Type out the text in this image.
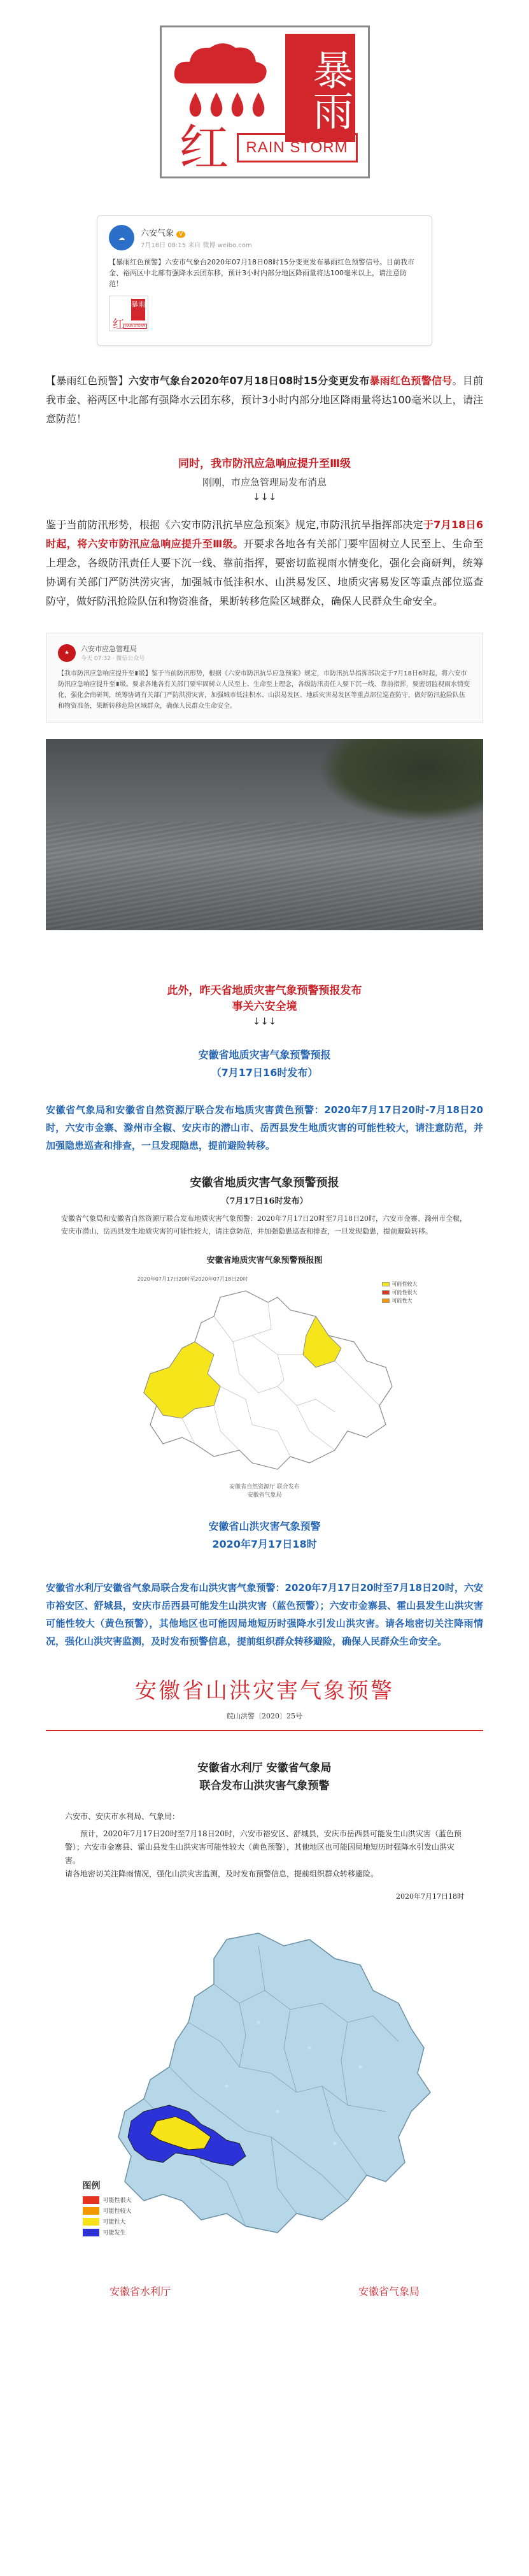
暴雨
红	RAIN STORM
☁	六安气象 V
7月18日 08:15 来自 微博 weibo.com
【暴雨红色预警】六安市气象台2020年07月18日08时15分变更发布暴雨红色预警信号。目前我市金、裕两区中北部有强降水云团东移，预计3小时内部分地区降雨量将达100毫米以上，请注意防范！
暴雨
红 RAIN STORM
【暴雨红色预警】六安市气象台2020年07月18日08时15分变更发布暴雨红色预警信号。目前我市金、裕两区中北部有强降水云团东移，预计3小时内部分地区降雨量将达100毫米以上，请注意防范！
同时，我市防汛应急响应提升至Ⅲ级
刚刚，市应急管理局发布消息
↓↓↓
鉴于当前防汛形势，根据《六安市防汛抗旱应急预案》规定,市防汛抗旱指挥部决定于7月18日6时起，将六安市防汛应急响应提升至Ⅲ级。开要求各地各有关部门要牢固树立人民至上、生命至上理念，各级防汛责任人要下沉一线、靠前指挥，要密切监视雨水情变化，强化会商研判，统筹协调有关部门严防洪涝灾害，加强城市低洼积水、山洪易发区、地质灾害易发区等重点部位巡查防守，做好防汛抢险队伍和物资准备，果断转移危险区域群众，确保人民群众生命安全。
★	六安市应急管理局
今天 07:32 · 微信公众号
【我市防汛应急响应提升至Ⅲ级】鉴于当前防汛形势，根据《六安市防汛抗旱应急预案》规定，市防汛抗旱指挥部决定于7月18日6时起，将六安市防汛应急响应提升至Ⅲ级。要求各地各有关部门要牢固树立人民至上、生命至上理念，各级防汛责任人要下沉一线、靠前指挥，要密切监视雨水情变化，强化会商研判，统筹协调有关部门严防洪涝灾害，加强城市低洼积水、山洪易发区、地质灾害易发区等重点部位巡查防守，做好防汛抢险队伍和物资准备，果断转移危险区域群众，确保人民群众生命安全。
此外，昨天省地质灾害气象预警预报发布
事关六安全境
↓↓↓
安徽省地质灾害气象预警预报
（7月17日16时发布）
安徽省气象局和安徽省自然资源厅联合发布地质灾害黄色预警：2020年7月17日20时-7月18日20时，六安市金寨、滁州市全椒、安庆市的潜山市、岳西县发生地质灾害的可能性较大，请注意防范，并加强隐患巡查和排查，一旦发现隐患，提前避险转移。
安徽省地质灾害气象预警预报
（7月17日16时发布）
安徽省气象局和安徽省自然资源厅联合发布地质灾害气象预警：2020年7月17日20时至7月18日20时，六安市金寨、滁州市全椒，安庆市潜山、岳西县发生地质灾害的可能性较大，请注意防范，并加强隐患巡查和排查，一旦发现隐患，提前避险转移。
安徽省地质灾害气象预警预报图
2020年07月17日20时至2020年07月18日20时
可能性较大
可能性很大
可能性大
安徽省自然资源厅 联合发布
安徽省气象局
安徽省山洪灾害气象预警
2020年7月17日18时
安徽省水利厅安徽省气象局联合发布山洪灾害气象预警：2020年7月17日20时至7月18日20时，六安市裕安区、舒城县，安庆市岳西县可能发生山洪灾害（蓝色预警）；六安市金寨县、霍山县发生山洪灾害可能性较大（黄色预警），其他地区也可能因局地短历时强降水引发山洪灾害。请各地密切关注降雨情况，强化山洪灾害监测，及时发布预警信息，提前组织群众转移避险，确保人民群众生命安全。
安徽省山洪灾害气象预警
皖山洪警〔2020〕25号
安徽省水利厅 安徽省气象局
联合发布山洪灾害气象预警
六安市、安庆市水利局、气象局：
预计，2020年7月17日20时至7月18日20时，六安市裕安区、舒城县，安庆市岳西县可能发生山洪灾害（蓝色预警）；六安市金寨县、霍山县发生山洪灾害可能性较大（黄色预警），其他地区也可能因局地短历时强降水引发山洪灾害。
请各地密切关注降雨情况，强化山洪灾害监测，及时发布预警信息，提前组织群众转移避险。
2020年7月17日18时
图例
可能性很大
可能性较大
可能性大
可能发生
安徽省水利厅	安徽省气象局
